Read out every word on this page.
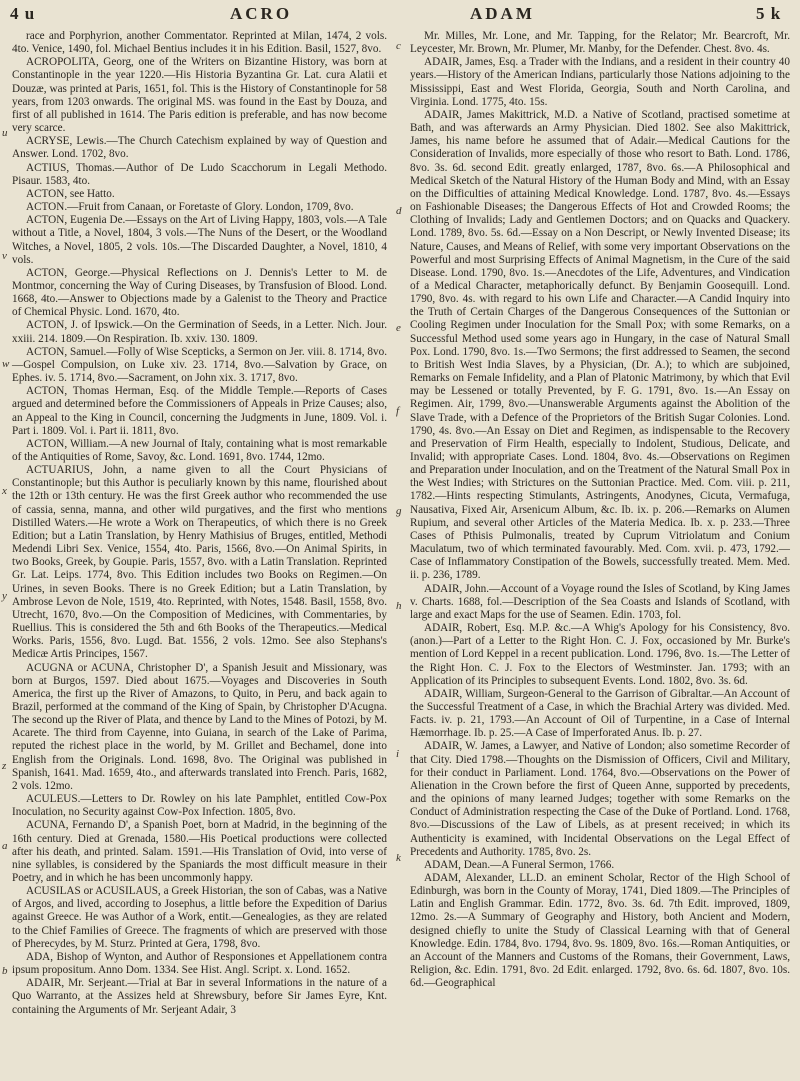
4 u	ACRO	ADAM	5 k

race and Porphyrion, another Commentator. Reprinted at Milan, 1474, 2 vols. 4to. Venice, 1490, fol. Michael Bentius includes it in his Edition. Basil, 1527, 8vo.

ACROPOLITA, Georg, one of the Writers on Bizantine History, was born at Constantinople in the year 1220.—His Historia Byzantina Gr. Lat. cura Alatii et Douzæ, was printed at Paris, 1651, fol. This is the History of Constantinople for 58 years, from 1203 onwards. The original MS. was found in the East by Douza, and first of all published in 1614. The Paris edition is preferable, and has now become very scarce.

ACRYSE, Lewis.—The Church Catechism explained by way of Question and Answer. Lond. 1702, 8vo.

ACTIUS, Thomas.—Author of De Ludo Scacchorum in Legali Methodo. Pisaur. 1583, 4to.

ACTON, see Hatto.

ACTON.—Fruit from Canaan, or Foretaste of Glory. London, 1709, 8vo.

ACTON, Eugenia De.—Essays on the Art of Living Happy, 1803, vols.—A Tale without a Title, a Novel, 1804, 3 vols.—The Nuns of the Desert, or the Woodland Witches, a Novel, 1805, 2 vols. 10s.—The Discarded Daughter, a Novel, 1810, 4 vols.

ACTON, George.—Physical Reflections on J. Dennis's Letter to M. de Montmor, concerning the Way of Curing Diseases, by Transfusion of Blood. Lond. 1668, 4to.—Answer to Objections made by a Galenist to the Theory and Practice of Chemical Physic. Lond. 1670, 4to.

ACTON, J. of Ipswick.—On the Germination of Seeds, in a Letter. Nich. Jour. xxiii. 214. 1809.—On Respiration. Ib. xxiv. 130. 1809.

ACTON, Samuel.—Folly of Wise Scepticks, a Sermon on Jer. viii. 8. 1714, 8vo.—Gospel Compulsion, on Luke xiv. 23. 1714, 8vo.—Salvation by Grace, on Ephes. iv. 5. 1714, 8vo.—Sacrament, on John xix. 3. 1717, 8vo.

ACTON, Thomas Herman, Esq. of the Middle Temple.—Reports of Cases argued and determined before the Commissioners of Appeals in Prize Causes; also, an Appeal to the King in Council, concerning the Judgments in June, 1809. Vol. i. Part i. 1809. Vol. i. Part ii. 1811, 8vo.

ACTON, William.—A new Journal of Italy, containing what is most remarkable of the Antiquities of Rome, Savoy, &c. Lond. 1691, 8vo. 1744, 12mo.

ACTUARIUS, John, a name given to all the Court Physicians of Constantinople; but this Author is peculiarly known by this name, flourished about the 12th or 13th century. He was the first Greek author who recommended the use of cassia, senna, manna, and other wild purgatives, and the first who mentions Distilled Waters.—He wrote a Work on Therapeutics, of which there is no Greek Edition; but a Latin Translation, by Henry Mathisius of Bruges, entitled, Methodi Medendi Libri Sex. Venice, 1554, 4to. Paris, 1566, 8vo.—On Animal Spirits, in two Books, Greek, by Goupie. Paris, 1557, 8vo. with a Latin Translation. Reprinted Gr. Lat. Leips. 1774, 8vo. This Edition includes two Books on Regimen.—On Urines, in seven Books. There is no Greek Edition; but a Latin Translation, by Ambrose Levon de Nole, 1519, 4to. Reprinted, with Notes, 1548. Basil, 1558, 8vo. Utrecht, 1670, 8vo.—On the Composition of Medicines, with Commentaries, by Ruellius. This is considered the 5th and 6th Books of the Therapeutics.—Medical Works. Paris, 1556, 8vo. Lugd. Bat. 1556, 2 vols. 12mo. See also Stephans's Medicæ Artis Principes, 1567.

ACUGNA or ACUNA, Christopher D', a Spanish Jesuit and Missionary, was born at Burgos, 1597. Died about 1675.—Voyages and Discoveries in South America, the first up the River of Amazons, to Quito, in Peru, and back again to Brazil, performed at the command of the King of Spain, by Christopher D'Acugna. The second up the River of Plata, and thence by Land to the Mines of Potozi, by M. Acarete. The third from Cayenne, into Guiana, in search of the Lake of Parima, reputed the richest place in the world, by M. Grillet and Bechamel, done into English from the Originals. Lond. 1698, 8vo. The Original was published in Spanish, 1641. Mad. 1659, 4to., and afterwards translated into French. Paris, 1682, 2 vols. 12mo.

ACULEUS.—Letters to Dr. Rowley on his late Pamphlet, entitled Cow-Pox Inoculation, no Security against Cow-Pox Infection. 1805, 8vo.

ACUNA, Fernando D', a Spanish Poet, born at Madrid, in the beginning of the 16th century. Died at Grenada, 1580.—His Poetical productions were collected after his death, and printed. Salam. 1591.—His Translation of Ovid, into verse of nine syllables, is considered by the Spaniards the most difficult measure in their Poetry, and in which he has been uncommonly happy.

ACUSILAS or ACUSILAUS, a Greek Historian, the son of Cabas, was a Native of Argos, and lived, according to Josephus, a little before the Expedition of Darius against Greece. He was Author of a Work, entit.—Genealogies, as they are related to the Chief Families of Greece. The fragments of which are preserved with those of Pherecydes, by M. Sturz. Printed at Gera, 1798, 8vo.

ADA, Bishop of Wynton, and Author of Responsiones et Appellationem contra ipsum propositum. Anno Dom. 1334. See Hist. Angl. Script. x. Lond. 1652.

ADAIR, Mr. Serjeant.—Trial at Bar in several Informations in the nature of a Quo Warranto, at the Assizes held at Shrewsbury, before Sir James Eyre, Knt. containing the Arguments of Mr. Serjeant Adair, 3

Mr. Milles, Mr. Lone, and Mr. Tapping, for the Relator; Mr. Bearcroft, Mr. Leycester, Mr. Brown, Mr. Plumer, Mr. Manby, for the Defender. Chest. 8vo. 4s.

ADAIR, James, Esq. a Trader with the Indians, and a resident in their country 40 years.—History of the American Indians, particularly those Nations adjoining to the Mississippi, East and West Florida, Georgia, South and North Carolina, and Virginia. Lond. 1775, 4to. 15s.

ADAIR, James Makittrick, M.D. a Native of Scotland, practised sometime at Bath, and was afterwards an Army Physician. Died 1802. See also Makittrick, James, his name before he assumed that of Adair.—Medical Cautions for the Consideration of Invalids, more especially of those who resort to Bath. Lond. 1786, 8vo. 3s. 6d. second Edit. greatly enlarged, 1787, 8vo. 6s.—A Philosophical and Medical Sketch of the Natural History of the Human Body and Mind, with an Essay on the Difficulties of attaining Medical Knowledge. Lond. 1787, 8vo. 4s.—Essays on Fashionable Diseases; the Dangerous Effects of Hot and Crowded Rooms; the Clothing of Invalids; Lady and Gentlemen Doctors; and on Quacks and Quackery. Lond. 1789, 8vo. 5s. 6d.—Essay on a Non Descript, or Newly Invented Disease; its Nature, Causes, and Means of Relief, with some very important Observations on the Powerful and most Surprising Effects of Animal Magnetism, in the Cure of the said Disease. Lond. 1790, 8vo. 1s.—Anecdotes of the Life, Adventures, and Vindication of a Medical Character, metaphorically defunct. By Benjamin Goosequill. Lond. 1790, 8vo. 4s. with regard to his own Life and Character.—A Candid Inquiry into the Truth of Certain Charges of the Dangerous Consequences of the Suttonian or Cooling Regimen under Inoculation for the Small Pox; with some Remarks, on a Successful Method used some years ago in Hungary, in the case of Natural Small Pox. Lond. 1790, 8vo. 1s.—Two Sermons; the first addressed to Seamen, the second to British West India Slaves, by a Physician, (Dr. A.); to which are subjoined, Remarks on Female Infidelity, and a Plan of Platonic Matrimony, by which that Evil may be Lessened or totally Prevented, by F. G. 1791, 8vo. 1s.—An Essay on Regimen. Air, 1799, 8vo.—Unanswerable Arguments against the Abolition of the Slave Trade, with a Defence of the Proprietors of the British Sugar Colonies. Lond. 1790, 4s. 8vo.—An Essay on Diet and Regimen, as indispensable to the Recovery and Preservation of Firm Health, especially to Indolent, Studious, Delicate, and Invalid; with appropriate Cases. Lond. 1804, 8vo. 4s.—Observations on Regimen and Preparation under Inoculation, and on the Treatment of the Natural Small Pox in the West Indies; with Strictures on the Suttonian Practice. Med. Com. viii. p. 211, 1782.—Hints respecting Stimulants, Astringents, Anodynes, Cicuta, Vermafuga, Nausativa, Fixed Air, Arsenicum Album, &c. Ib. ix. p. 206.—Remarks on Alumen Rupium, and several other Articles of the Materia Medica. Ib. x. p. 233.—Three Cases of Pthisis Pulmonalis, treated by Cuprum Vitriolatum and Conium Maculatum, two of which terminated favourably. Med. Com. xvii. p. 473, 1792.—Case of Inflammatory Constipation of the Bowels, successfully treated. Mem. Med. ii. p. 236, 1789.

ADAIR, John.—Account of a Voyage round the Isles of Scotland, by King James v. Charts. 1688, fol.—Description of the Sea Coasts and Islands of Scotland, with large and exact Maps for the use of Seamen. Edin. 1703, fol.

ADAIR, Robert, Esq. M.P. &c.—A Whig's Apology for his Consistency, 8vo. (anon.)—Part of a Letter to the Right Hon. C. J. Fox, occasioned by Mr. Burke's mention of Lord Keppel in a recent publication. Lond. 1796, 8vo. 1s.—The Letter of the Right Hon. C. J. Fox to the Electors of Westminster. Jan. 1793; with an Application of its Principles to subsequent Events. Lond. 1802, 8vo. 3s. 6d.

ADAIR, William, Surgeon-General to the Garrison of Gibraltar.—An Account of the Successful Treatment of a Case, in which the Brachial Artery was divided. Med. Facts. iv. p. 21, 1793.—An Account of Oil of Turpentine, in a Case of Internal Hæmorrhage. Ib. p. 25.—A Case of Imperforated Anus. Ib. p. 27.

ADAIR, W. James, a Lawyer, and Native of London; also sometime Recorder of that City. Died 1798.—Thoughts on the Dismission of Officers, Civil and Military, for their conduct in Parliament. Lond. 1764, 8vo.—Observations on the Power of Alienation in the Crown before the first of Queen Anne, supported by precedents, and the opinions of many learned Judges; together with some Remarks on the Conduct of Administration respecting the Case of the Duke of Portland. Lond. 1768, 8vo.—Discussions of the Law of Libels, as at present received; in which its Authenticity is examined, with Incidental Observations on the Legal Effect of Precedents and Authority. 1785, 8vo. 2s.

ADAM, Dean.—A Funeral Sermon, 1766.

ADAM, Alexander, LL.D. an eminent Scholar, Rector of the High School of Edinburgh, was born in the County of Moray, 1741, Died 1809.—The Principles of Latin and English Grammar. Edin. 1772, 8vo. 3s. 6d. 7th Edit. improved, 1809, 12mo. 2s.—A Summary of Geography and History, both Ancient and Modern, designed chiefly to unite the Study of Classical Learning with that of General Knowledge. Edin. 1784, 8vo. 1794, 8vo. 9s. 1809, 8vo. 16s.—Roman Antiquities, or an Account of the Manners and Customs of the Romans, their Government, Laws, Religion, &c. Edin. 1791, 8vo. 2d Edit. enlarged. 1792, 8vo. 6s. 6d. 1807, 8vo. 10s. 6d.—Geographical

u
v
w
x
y
z
a
b
c
d
e
f
g
h
i
k
